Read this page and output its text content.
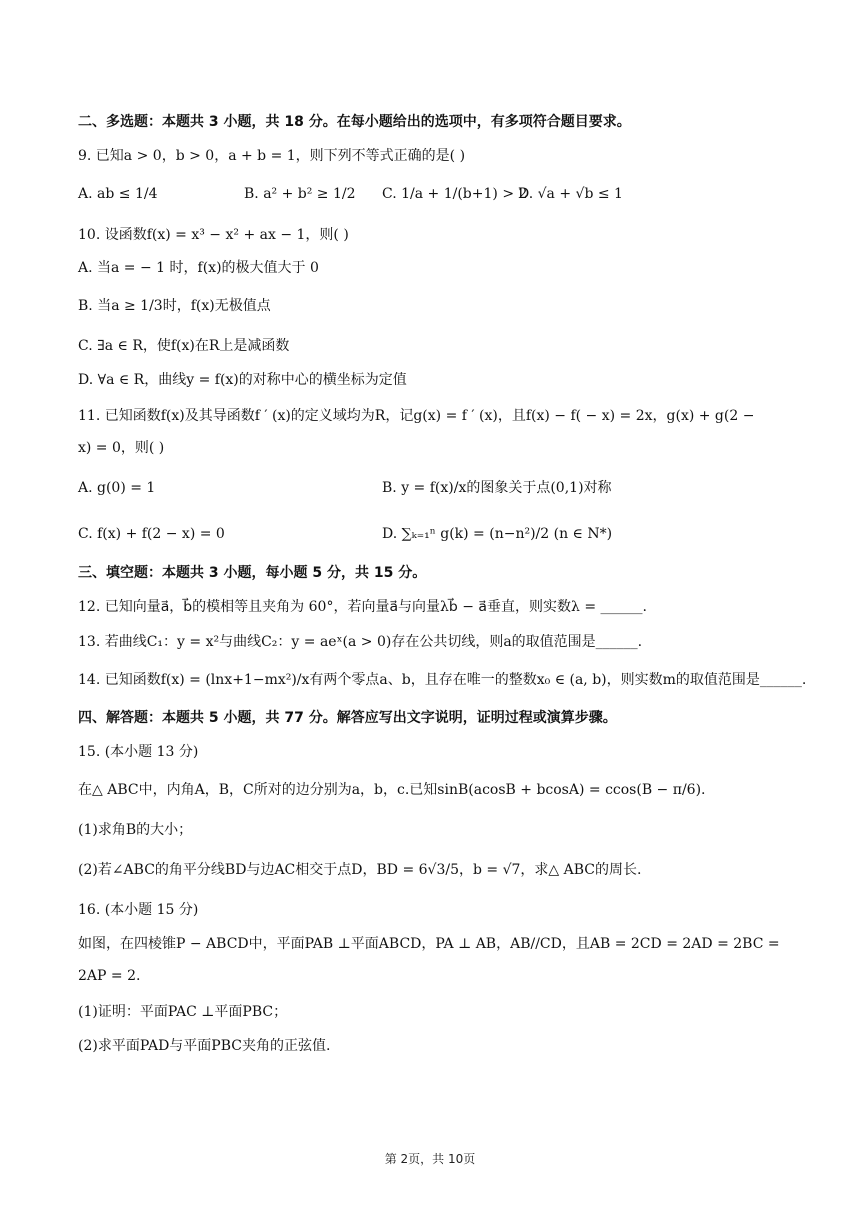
二、多选题：本题共 3 小题，共 18 分。在每小题给出的选项中，有多项符合题目要求。
9. 已知a > 0，b > 0，a + b = 1，则下列不等式正确的是( )
A. ab ≤ 1/4	B. a² + b² ≥ 1/2 C. 1/a + 1/(b+1) > 2
D. √a + √b ≤ 1
10. 设函数f(x) = x³ − x² + ax − 1，则( )
A. 当a = − 1 时，f(x)的极大值大于 0
B. 当a ≥ 1/3时，f(x)无极值点
C. ∃a ∈ R，使f(x)在R上是减函数
D. ∀a ∈ R，曲线y = f(x)的对称中心的横坐标为定值
11. 已知函数f(x)及其导函数f ′ (x)的定义域均为R，记g(x) = f ′ (x)，且f(x) − f( − x) = 2x，g(x) + g(2 −
x) = 0，则( )
A. g(0) = 1	B. y = f(x)/x的图象关于点(0,1)对称
C. f(x) + f(2 − x) = 0	D. ∑ₖ₌₁ⁿ g(k) = (n−n²)/2 (n ∈ N*)
三、填空题：本题共 3 小题，每小题 5 分，共 15 分。
12. 已知向量a⃗，b⃗的模相等且夹角为 60°，若向量a⃗与向量λb⃗ − a⃗垂直，则实数λ = ______.
13. 若曲线C₁：y = x²与曲线C₂：y = aeˣ(a > 0)存在公共切线，则a的取值范围是______.
14. 已知函数f(x) = (lnx+1−mx²)/x有两个零点a、b，且存在唯一的整数x₀ ∈ (a, b)，则实数m的取值范围是______.
四、解答题：本题共 5 小题，共 77 分。解答应写出文字说明，证明过程或演算步骤。
15. (本小题 13 分)
在△ ABC中，内角A，B，C所对的边分别为a，b，c.已知sinB(acosB + bcosA) = ccos(B − π/6).
(1)求角B的大小；
(2)若∠ABC的角平分线BD与边AC相交于点D，BD = 6√3/5，b = √7，求△ ABC的周长.
16. (本小题 15 分)
如图，在四棱锥P − ABCD中，平面PAB ⊥平面ABCD，PA ⊥ AB，AB//CD，且AB = 2CD = 2AD = 2BC =
2AP = 2.
(1)证明：平面PAC ⊥平面PBC；
(2)求平面PAD与平面PBC夹角的正弦值.
第 2页，共 10页
